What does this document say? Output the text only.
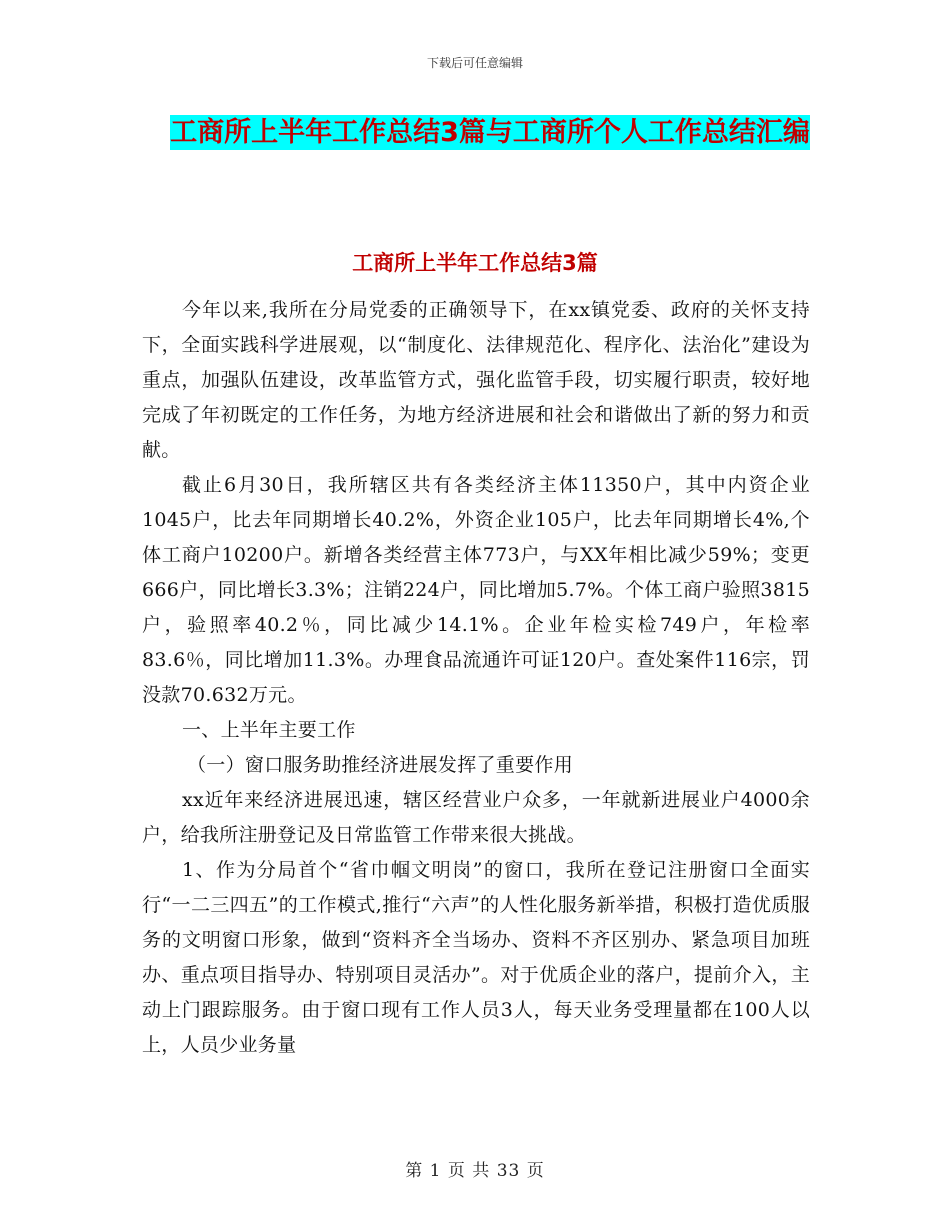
下载后可任意编辑
工商所上半年工作总结3篇与工商所个人工作总结汇编
工商所上半年工作总结3篇

今年以来,我所在分局党委的正确领导下，在xx镇党委、政府的关怀支持下，全面实践科学进展观，以“制度化、法律规范化、程序化、法治化”建设为重点，加强队伍建设，改革监管方式，强化监管手段，切实履行职责，较好地完成了年初既定的工作任务，为地方经济进展和社会和谐做出了新的努力和贡献。

截止6月30日，我所辖区共有各类经济主体11350户，其中内资企业1045户，比去年同期增长40.2%，外资企业105户，比去年同期增长4%,个体工商户10200户。新增各类经营主体773户，与XX年相比减少59%；变更666户，同比增长3.3%；注销224户，同比增加5.7%。个体工商户验照3815户，验照率40.2％，同比减少14.1%。企业年检实检749户，年检率83.6％，同比增加11.3%。办理食品流通许可证120户。查处案件116宗，罚没款70.632万元。

一、上半年主要工作

（一）窗口服务助推经济进展发挥了重要作用

xx近年来经济进展迅速，辖区经营业户众多，一年就新进展业户4000余户，给我所注册登记及日常监管工作带来很大挑战。

1、作为分局首个“省巾帼文明岗”的窗口，我所在登记注册窗口全面实行“一二三四五”的工作模式,推行“六声”的人性化服务新举措，积极打造优质服务的文明窗口形象，做到“资料齐全当场办、资料不齐区别办、紧急项目加班办、重点项目指导办、特别项目灵活办”。对于优质企业的落户，提前介入，主动上门跟踪服务。由于窗口现有工作人员3人，每天业务受理量都在100人以上，人员少业务量

第 1 页 共 33 页
